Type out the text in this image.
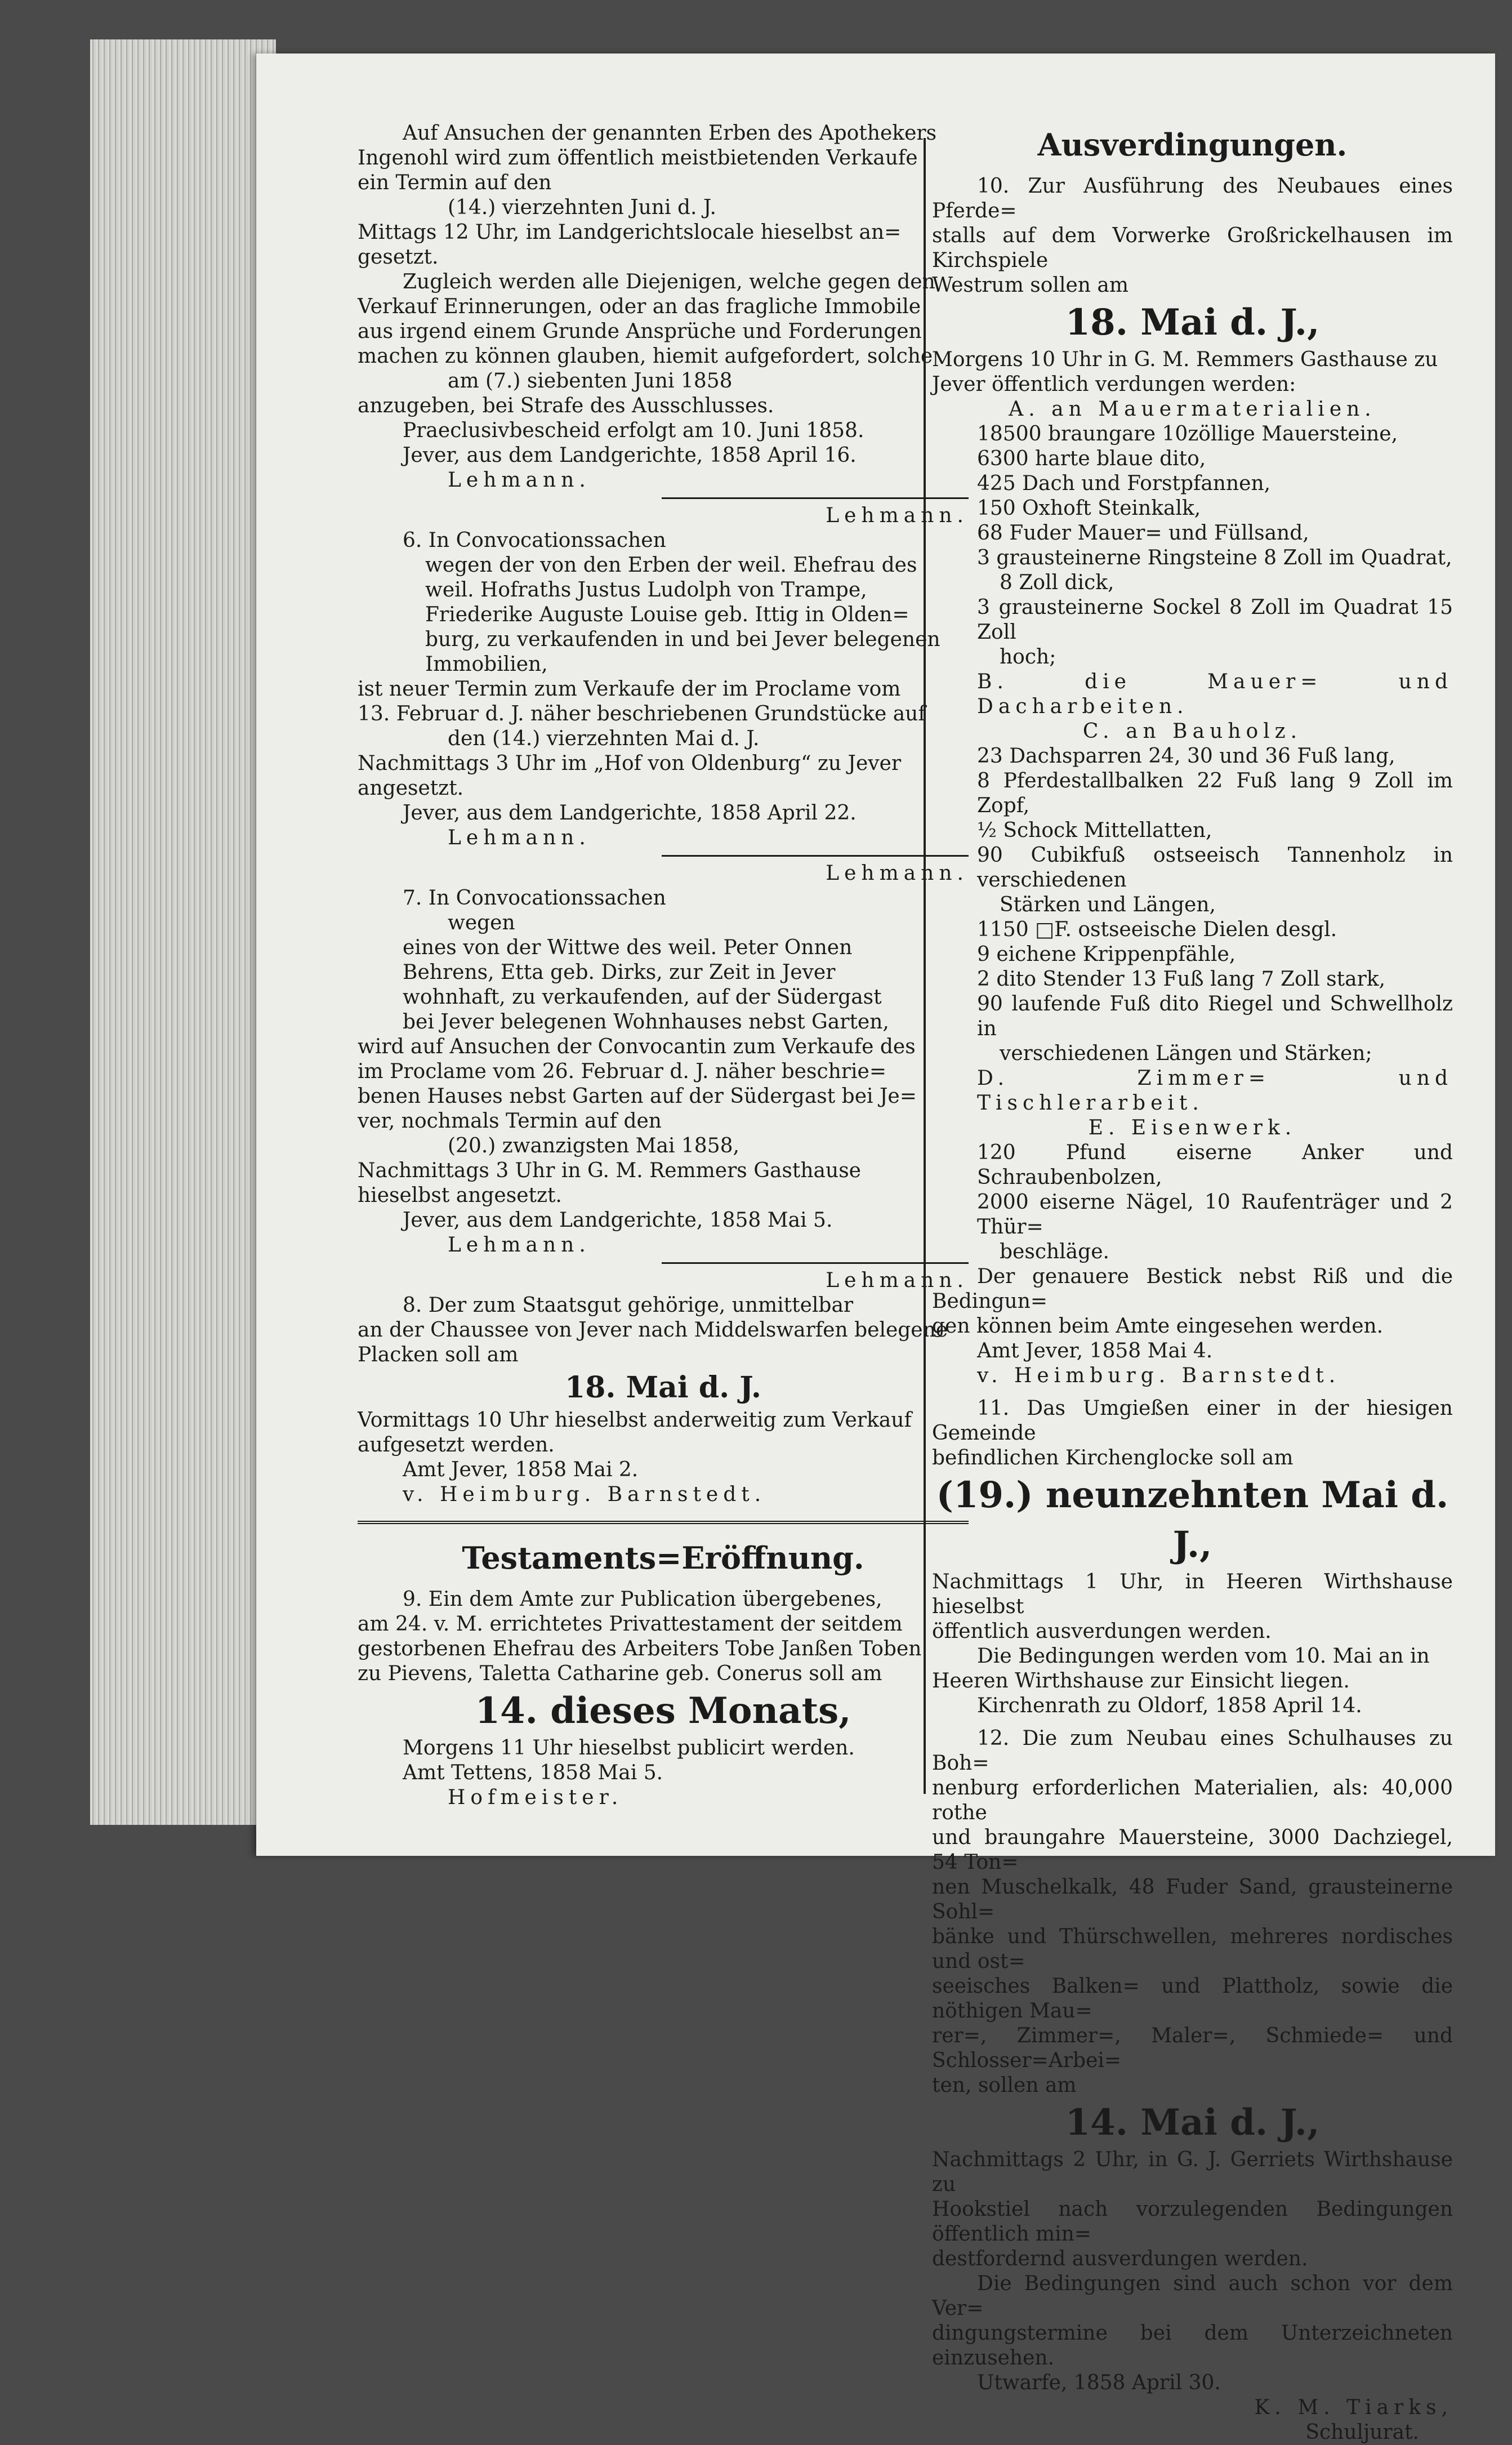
Auf Ansuchen der genannten Erben des Apothekers

Ingenohl wird zum öffentlich meistbietenden Verkaufe

ein Termin auf den

(14.) vierzehnten Juni d. J.

Mittags 12 Uhr, im Landgerichtslocale hieselbst an=

gesetzt.

Zugleich werden alle Diejenigen, welche gegen den

Verkauf Erinnerungen, oder an das fragliche Immobile

aus irgend einem Grunde Ansprüche und Forderungen

machen zu können glauben, hiemit aufgefordert, solche

am (7.) siebenten Juni 1858

anzugeben, bei Strafe des Ausschlusses.

Praeclusivbescheid erfolgt am 10. Juni 1858.

Jever, aus dem Landgerichte, 1858 April 16.

Lehmann.

Lehmann.

6. In Convocationssachen

wegen der von den Erben der weil. Ehefrau des

weil. Hofraths Justus Ludolph von Trampe,

Friederike Auguste Louise geb. Ittig in Olden=

burg, zu verkaufenden in und bei Jever belegenen

Immobilien,

ist neuer Termin zum Verkaufe der im Proclame vom

13. Februar d. J. näher beschriebenen Grundstücke auf

den (14.) vierzehnten Mai d. J.

Nachmittags 3 Uhr im „Hof von Oldenburg“ zu Jever

angesetzt.

Jever, aus dem Landgerichte, 1858 April 22.

Lehmann.

Lehmann.

7. In Convocationssachen

wegen

eines von der Wittwe des weil. Peter Onnen

Behrens, Etta geb. Dirks, zur Zeit in Jever

wohnhaft, zu verkaufenden, auf der Südergast

bei Jever belegenen Wohnhauses nebst Garten,

wird auf Ansuchen der Convocantin zum Verkaufe des

im Proclame vom 26. Februar d. J. näher beschrie=

benen Hauses nebst Garten auf der Südergast bei Je=

ver, nochmals Termin auf den

(20.) zwanzigsten Mai 1858,

Nachmittags 3 Uhr in G. M. Remmers Gasthause

hieselbst angesetzt.

Jever, aus dem Landgerichte, 1858 Mai 5.

Lehmann.

Lehmann.

8. Der zum Staatsgut gehörige, unmittelbar

an der Chaussee von Jever nach Middelswarfen belegene

Placken soll am

18. Mai d. J.

Vormittags 10 Uhr hieselbst anderweitig zum Verkauf

aufgesetzt werden.

Amt Jever, 1858 Mai 2.

v. Heimburg. Barnstedt.

Testaments=Eröffnung.

9. Ein dem Amte zur Publication übergebenes,

am 24. v. M. errichtetes Privattestament der seitdem

gestorbenen Ehefrau des Arbeiters Tobe Janßen Toben

zu Pievens, Taletta Catharine geb. Conerus soll am

14. dieses Monats,

Morgens 11 Uhr hieselbst publicirt werden.

Amt Tettens, 1858 Mai 5.

Hofmeister.

Ausverdingungen.

10. Zur Ausführung des Neubaues eines Pferde=

stalls auf dem Vorwerke Großrickelhausen im Kirchspiele

Westrum sollen am

18. Mai d. J.,

Morgens 10 Uhr in G. M. Remmers Gasthause zu

Jever öffentlich verdungen werden:

A. an Mauermaterialien.

18500 braungare 10zöllige Mauersteine,

6300 harte blaue dito,

425 Dach und Forstpfannen,

150 Oxhoft Steinkalk,

68 Fuder Mauer= und Füllsand,

3 grausteinerne Ringsteine 8 Zoll im Quadrat,

8 Zoll dick,

3 grausteinerne Sockel 8 Zoll im Quadrat 15 Zoll

hoch;

B. die Mauer= und Dacharbeiten.

C. an Bauholz.

23 Dachsparren 24, 30 und 36 Fuß lang,

8 Pferdestallbalken 22 Fuß lang 9 Zoll im Zopf,

½ Schock Mittellatten,

90 Cubikfuß ostseeisch Tannenholz in verschiedenen

Stärken und Längen,

1150 □F. ostseeische Dielen desgl.

9 eichene Krippenpfähle,

2 dito Stender 13 Fuß lang 7 Zoll stark,

90 laufende Fuß dito Riegel und Schwellholz in

verschiedenen Längen und Stärken;

D. Zimmer= und Tischlerarbeit.

E. Eisenwerk.

120 Pfund eiserne Anker und Schraubenbolzen,

2000 eiserne Nägel, 10 Raufenträger und 2 Thür=

beschläge.

Der genauere Bestick nebst Riß und die Bedingun=

gen können beim Amte eingesehen werden.

Amt Jever, 1858 Mai 4.

v. Heimburg. Barnstedt.

11. Das Umgießen einer in der hiesigen Gemeinde

befindlichen Kirchenglocke soll am

(19.) neunzehnten Mai d. J.,

Nachmittags 1 Uhr, in Heeren Wirthshause hieselbst

öffentlich ausverdungen werden.

Die Bedingungen werden vom 10. Mai an in

Heeren Wirthshause zur Einsicht liegen.

Kirchenrath zu Oldorf, 1858 April 14.

12. Die zum Neubau eines Schulhauses zu Boh=

nenburg erforderlichen Materialien, als: 40,000 rothe

und braungahre Mauersteine, 3000 Dachziegel, 54 Ton=

nen Muschelkalk, 48 Fuder Sand, grausteinerne Sohl=

bänke und Thürschwellen, mehreres nordisches und ost=

seeisches Balken= und Plattholz, sowie die nöthigen Mau=

rer=, Zimmer=, Maler=, Schmiede= und Schlosser=Arbei=

ten, sollen am

14. Mai d. J.,

Nachmittags 2 Uhr, in G. J. Gerriets Wirthshause zu

Hookstiel nach vorzulegenden Bedingungen öffentlich min=

destfordernd ausverdungen werden.

Die Bedingungen sind auch schon vor dem Ver=

dingungstermine bei dem Unterzeichneten einzusehen.

Utwarfe, 1858 April 30.

K. M. Tiarks,

Schuljurat.
